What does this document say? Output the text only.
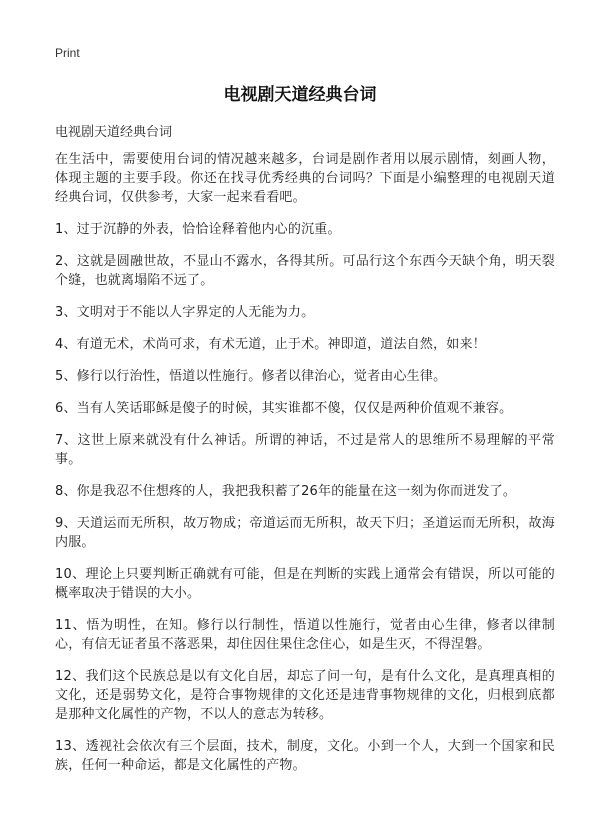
Print
电视剧天道经典台词
电视剧天道经典台词

在生活中，需要使用台词的情况越来越多，台词是剧作者用以展示剧情，刻画人物，体现主题的主要手段。你还在找寻优秀经典的台词吗？下面是小编整理的电视剧天道经典台词，仅供参考，大家一起来看看吧。

1、过于沉静的外表，恰恰诠释着他内心的沉重。

2、这就是圆融世故，不显山不露水，各得其所。可品行这个东西今天缺个角，明天裂个缝，也就离塌陷不远了。

3、文明对于不能以人字界定的人无能为力。

4、有道无术，术尚可求，有术无道，止于术。神即道，道法自然，如来！

5、修行以行治性，悟道以性施行。修者以律治心，觉者由心生律。

6、当有人笑话耶稣是傻子的时候，其实谁都不傻，仅仅是两种价值观不兼容。

7、这世上原来就没有什么神话。所谓的神话，不过是常人的思维所不易理解的平常事。

8、你是我忍不住想疼的人，我把我积蓄了26年的能量在这一刻为你而迸发了。

9、天道运而无所积，故万物成；帝道运而无所积，故天下归；圣道运而无所积，故海内服。

10、理论上只要判断正确就有可能，但是在判断的实践上通常会有错误，所以可能的概率取决于错误的大小。

11、悟为明性，在知。修行以行制性，悟道以性施行，觉者由心生律，修者以律制心，有信无证者虽不落恶果，却住因住果住念住心，如是生灭，不得涅磐。

12、我们这个民族总是以有文化自居，却忘了问一句，是有什么文化，是真理真相的文化，还是弱势文化，是符合事物规律的文化还是违背事物规律的文化，归根到底都是那种文化属性的产物，不以人的意志为转移。

13、透视社会依次有三个层面，技术，制度，文化。小到一个人，大到一个国家和民族，任何一种命运，都是文化属性的产物。
